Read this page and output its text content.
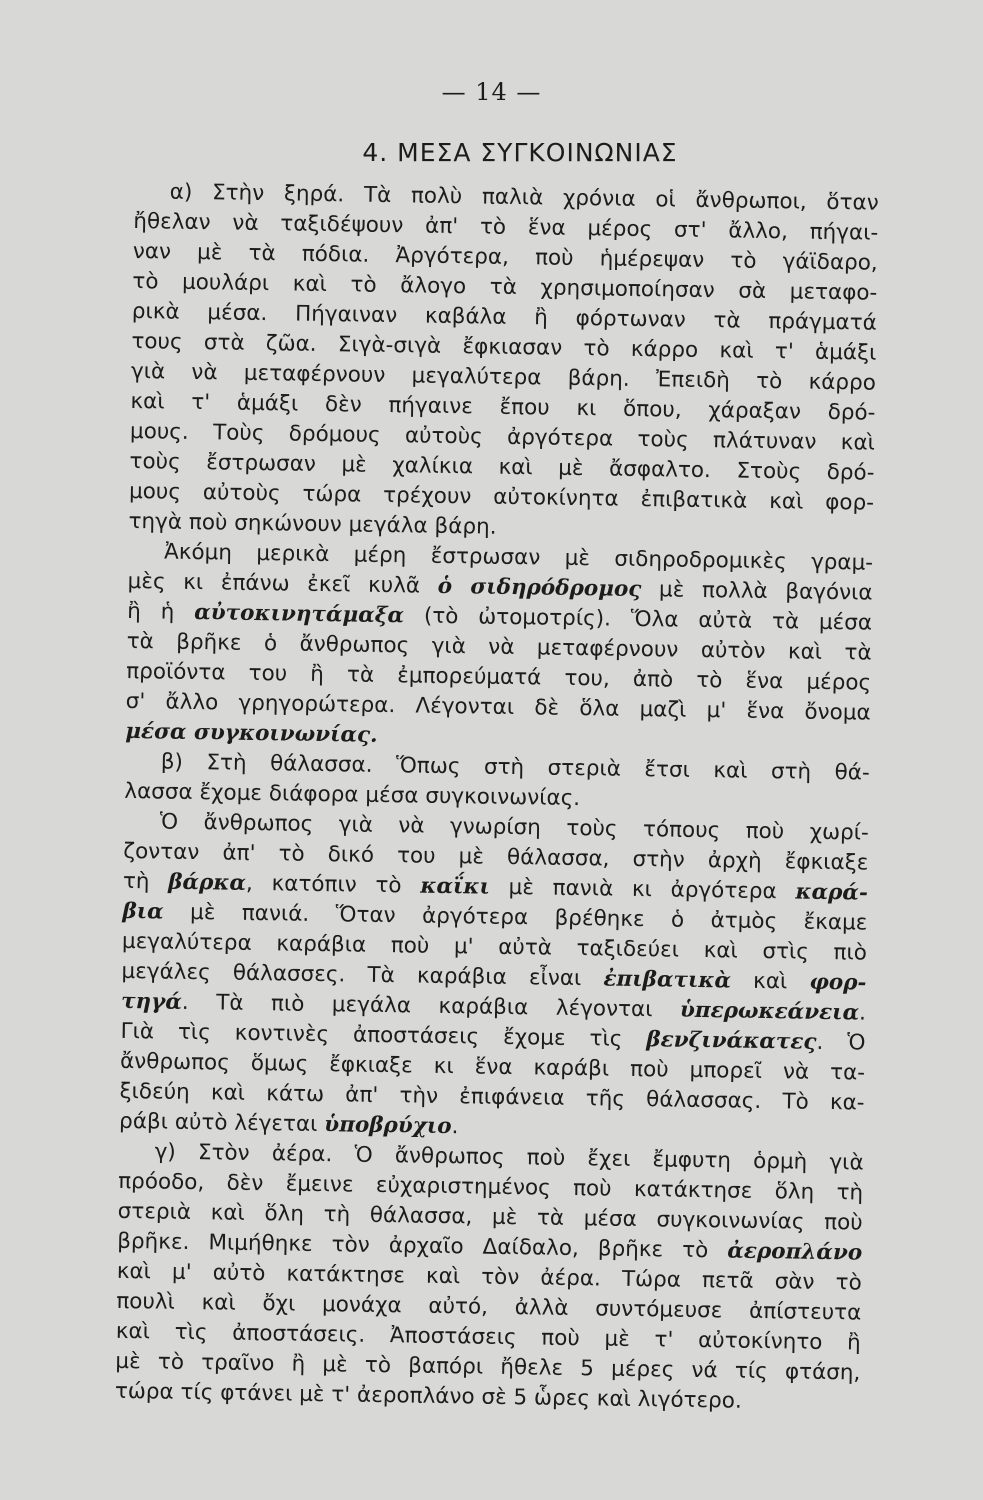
— 14 —
4. ΜΕΣΑ ΣΥΓΚΟΙΝΩΝΙΑΣ
α) Στὴν ξηρά. Τὰ πολὺ παλιὰ χρόνια οἱ ἄνθρωποι, ὅταν
ἤθελαν νὰ ταξιδέψουν ἀπ' τὸ ἕνα μέρος στ' ἄλλο, πήγαι-
ναν μὲ τὰ πόδια. Ἀργότερα, ποὺ ἡμέρεψαν τὸ γάϊδαρο,
τὸ μουλάρι καὶ τὸ ἄλογο τὰ χρησιμοποίησαν σὰ μεταφο-
ρικὰ μέσα. Πήγαιναν καβάλα ἢ φόρτωναν τὰ πράγματά
τους στὰ ζῶα. Σιγὰ-σιγὰ ἔφκιασαν τὸ κάρρο καὶ τ' ἁμάξι
γιὰ νὰ μεταφέρνουν μεγαλύτερα βάρη. Ἐπειδὴ τὸ κάρρο
καὶ τ' ἁμάξι δὲν πήγαινε ἔπου κι ὅπου, χάραξαν δρό-
μους. Τοὺς δρόμους αὐτοὺς ἀργότερα τοὺς πλάτυναν καὶ
τοὺς ἔστρωσαν μὲ χαλίκια καὶ μὲ ἄσφαλτο. Στοὺς δρό-
μους αὐτοὺς τώρα τρέχουν αὐτοκίνητα ἐπιβατικὰ καὶ φορ-
τηγὰ ποὺ σηκώνουν μεγάλα βάρη.
Ἀκόμη μερικὰ μέρη ἔστρωσαν μὲ σιδηροδρομικὲς γραμ-
μὲς κι ἐπάνω ἐκεῖ κυλᾶ ὁ σιδηρόδρομος μὲ πολλὰ βαγόνια
ἢ ἡ αὐτοκινητάμαξα (τὸ ὠτομοτρίς). Ὅλα αὐτὰ τὰ μέσα
τὰ βρῆκε ὁ ἄνθρωπος γιὰ νὰ μεταφέρνουν αὐτὸν καὶ τὰ
προϊόντα του ἢ τὰ ἐμπορεύματά του, ἀπὸ τὸ ἕνα μέρος
σ' ἄλλο γρηγορώτερα. Λέγονται δὲ ὅλα μαζὶ μ' ἕνα ὄνομα
μέσα συγκοινωνίας.
β) Στὴ θάλασσα. Ὅπως στὴ στεριὰ ἔτσι καὶ στὴ θά-
λασσα ἔχομε διάφορα μέσα συγκοινωνίας.
Ὁ ἄνθρωπος γιὰ νὰ γνωρίση τοὺς τόπους ποὺ χωρί-
ζονταν ἀπ' τὸ δικό του μὲ θάλασσα, στὴν ἀρχὴ ἔφκιαξε
τὴ βάρκα, κατόπιν τὸ καΐκι μὲ πανιὰ κι ἀργότερα καρά-
βια μὲ πανιά. Ὅταν ἀργότερα βρέθηκε ὁ ἀτμὸς ἔκαμε
μεγαλύτερα καράβια ποὺ μ' αὐτὰ ταξιδεύει καὶ στὶς πιὸ
μεγάλες θάλασσες. Τὰ καράβια εἶναι ἐπιβατικὰ καὶ φορ-
τηγά. Τὰ πιὸ μεγάλα καράβια λέγονται ὑπερωκεάνεια.
Γιὰ τὶς κοντινὲς ἀποστάσεις ἔχομε τὶς βενζινάκατες. Ὁ
ἄνθρωπος ὅμως ἔφκιαξε κι ἕνα καράβι ποὺ μπορεῖ νὰ τα-
ξιδεύη καὶ κάτω ἀπ' τὴν ἐπιφάνεια τῆς θάλασσας. Τὸ κα-
ράβι αὐτὸ λέγεται ὑποβρύχιο.
γ) Στὸν ἀέρα. Ὁ ἄνθρωπος ποὺ ἔχει ἔμφυτη ὁρμὴ γιὰ
πρόοδο, δὲν ἔμεινε εὐχαριστημένος ποὺ κατάκτησε ὅλη τὴ
στεριὰ καὶ ὅλη τὴ θάλασσα, μὲ τὰ μέσα συγκοινωνίας ποὺ
βρῆκε. Μιμήθηκε τὸν ἀρχαῖο Δαίδαλο, βρῆκε τὸ ἀεροπλάνο
καὶ μ' αὐτὸ κατάκτησε καὶ τὸν ἀέρα. Τώρα πετᾶ σὰν τὸ
πουλὶ καὶ ὄχι μονάχα αὐτό, ἀλλὰ συντόμευσε ἀπίστευτα
καὶ τὶς ἀποστάσεις. Ἀποστάσεις ποὺ μὲ τ' αὐτοκίνητο ἢ
μὲ τὸ τραῖνο ἢ μὲ τὸ βαπόρι ἤθελε 5 μέρες νά τίς φτάση,
τώρα τίς φτάνει μὲ τ' ἀεροπλάνο σὲ 5 ὧρες καὶ λιγότερο.
